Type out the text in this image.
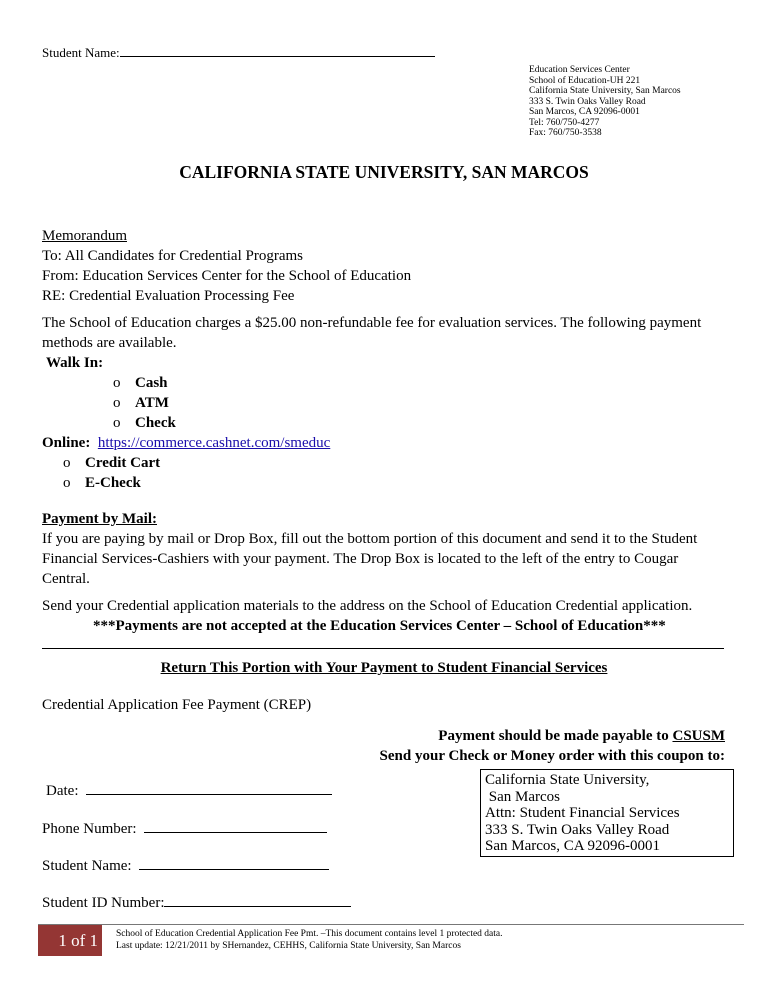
Student Name:
Education Services Center
School of Education-UH 221
California State University, San Marcos
333 S. Twin Oaks Valley Road
San Marcos, CA 92096-0001
Tel: 760/750-4277
Fax: 760/750-3538
CALIFORNIA STATE UNIVERSITY, SAN MARCOS
Memorandum
To: All Candidates for Credential Programs
From: Education Services Center for the School of Education
RE: Credential Evaluation Processing Fee
The School of Education charges a $25.00 non-refundable fee for evaluation services. The following payment
methods are available.
Walk In:
o Cash
o ATM
o Check
Online: https://commerce.cashnet.com/smeduc
o Credit Cart
o E-Check
Payment by Mail:
If you are paying by mail or Drop Box, fill out the bottom portion of this document and send it to the Student
Financial Services-Cashiers with your payment. The Drop Box is located to the left of the entry to Cougar
Central.
Send your Credential application materials to the address on the School of Education Credential application.
***Payments are not accepted at the Education Services Center – School of Education***
Return This Portion with Your Payment to Student Financial Services
Credential Application Fee Payment (CREP)
Payment should be made payable to CSUSM
Send your Check or Money order with this coupon to:
Date:
Phone Number:
Student Name:
Student ID Number:
California State University,
San Marcos
Attn: Student Financial Services
333 S. Twin Oaks Valley Road
San Marcos, CA 92096-0001
1 of 1	School of Education Credential Application Fee Pmt. –This document contains level 1 protected data.
Last update: 12/21/2011 by SHernandez, CEHHS, California State University, San Marcos
